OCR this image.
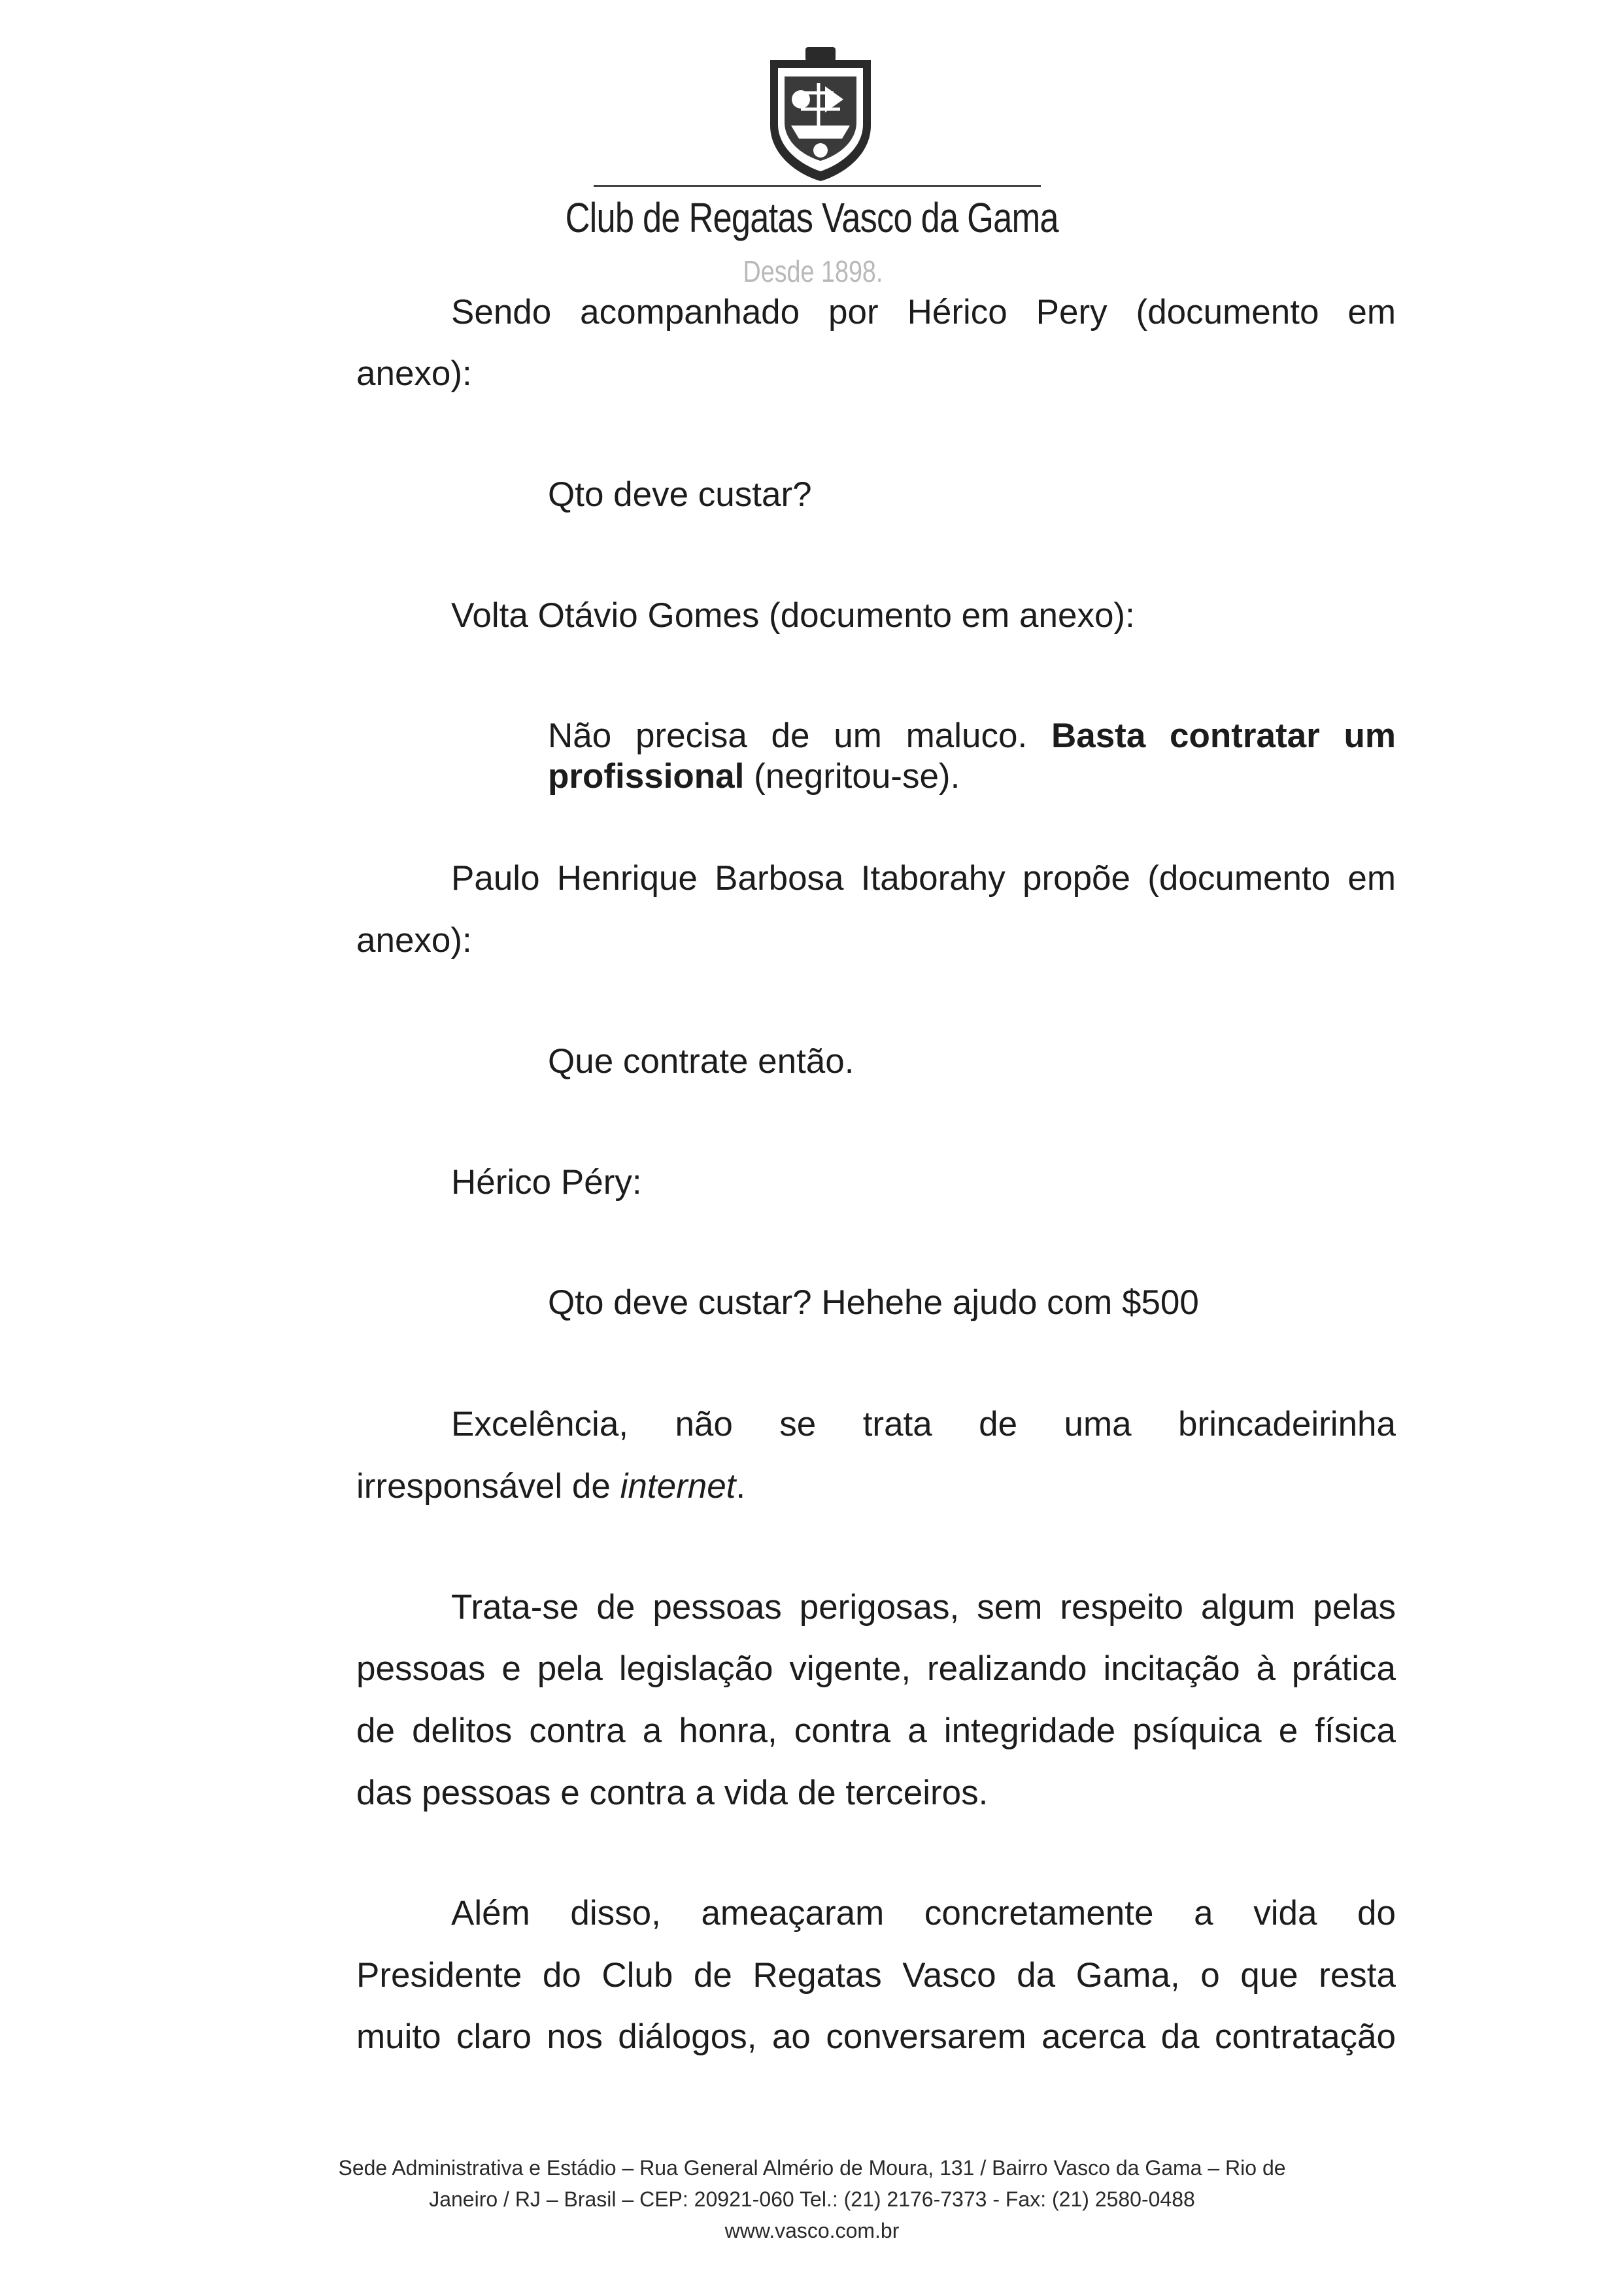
Club de Regatas Vasco da Gama
Desde 1898.
Sendo acompanhado por Hérico Pery (documento em
anexo):
Qto deve custar?
Volta Otávio Gomes (documento em anexo):
Não precisa de um maluco. Basta contratar um
profissional (negritou-se).
Paulo Henrique Barbosa Itaborahy propõe (documento em
anexo):
Que contrate então.
Hérico Péry:
Qto deve custar? Hehehe ajudo com $500
Excelência, não se trata de uma brincadeirinha
irresponsável de internet.
Trata-se de pessoas perigosas, sem respeito algum pelas
pessoas e pela legislação vigente, realizando incitação à prática
de delitos contra a honra, contra a integridade psíquica e física
das pessoas e contra a vida de terceiros.
Além disso, ameaçaram concretamente a vida do
Presidente do Club de Regatas Vasco da Gama, o que resta
muito claro nos diálogos, ao conversarem acerca da contratação
Sede Administrativa e Estádio – Rua General Almério de Moura, 131 / Bairro Vasco da Gama – Rio de
Janeiro / RJ – Brasil – CEP: 20921-060 Tel.: (21) 2176-7373 - Fax: (21) 2580-0488
www.vasco.com.br
